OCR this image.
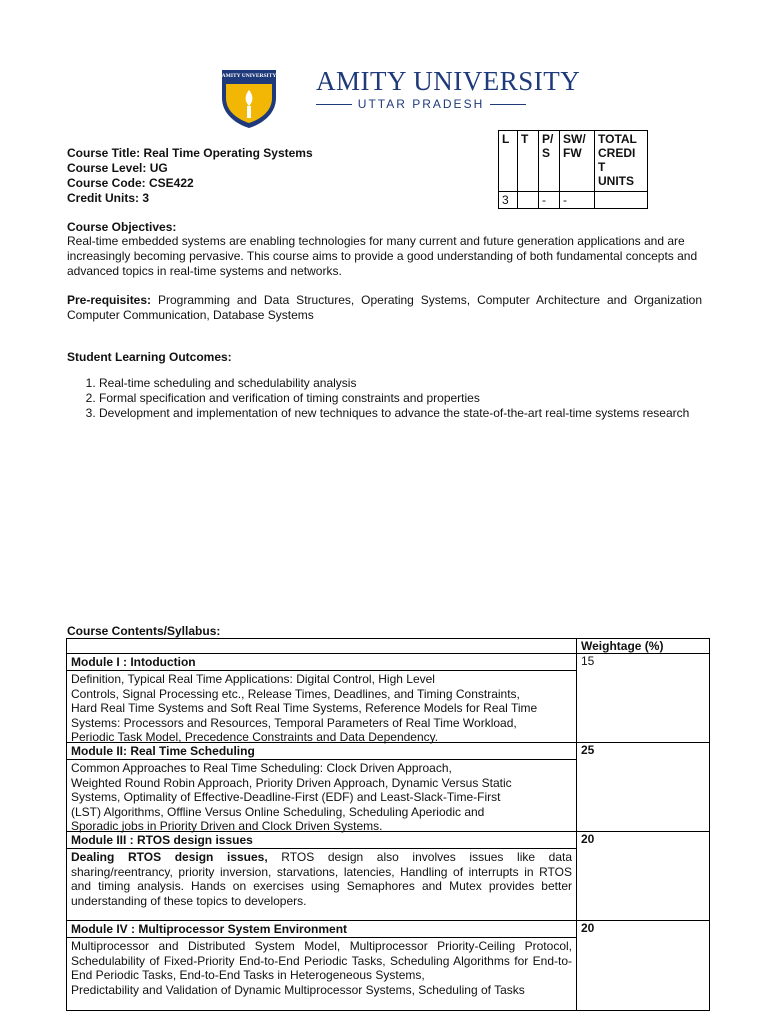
AMITY UNIVERSITY AMITY UNIVERSITY
UTTAR PRADESH
Course Title: Real Time Operating Systems
Course Level: UG
Course Code: CSE422
Credit Units: 3
L	T	P/ S	SW/ FW	TOTAL CREDI T UNITS
3		-	-	
Course Objectives:
Real-time embedded systems are enabling technologies for many current and future generation applications and are increasingly becoming pervasive. This course aims to provide a good understanding of both fundamental concepts and advanced topics in real-time systems and networks.
Pre-requisites: Programming and Data Structures, Operating Systems, Computer Architecture and Organization Computer Communication, Database Systems
Student Learning Outcomes:
1. Real-time scheduling and schedulability analysis
2. Formal specification and verification of timing constraints and properties
3. Development and implementation of new techniques to advance the state-of-the-art real-time systems research
Course Contents/Syllabus:
Weightage (%)
Module I : Intoduction
Definition, Typical Real Time Applications: Digital Control, High Level
Controls, Signal Processing etc., Release Times, Deadlines, and Timing Constraints,
Hard Real Time Systems and Soft Real Time Systems, Reference Models for Real Time
Systems: Processors and Resources, Temporal Parameters of Real Time Workload,
Periodic Task Model, Precedence Constraints and Data Dependency.
15
Module II: Real Time Scheduling
Common Approaches to Real Time Scheduling: Clock Driven Approach,
Weighted Round Robin Approach, Priority Driven Approach, Dynamic Versus Static
Systems, Optimality of Effective-Deadline-First (EDF) and Least-Slack-Time-First
(LST) Algorithms, Offline Versus Online Scheduling, Scheduling Aperiodic and
Sporadic jobs in Priority Driven and Clock Driven Systems.
25
Module III : RTOS design issues
Dealing RTOS design issues, RTOS design also involves issues like data sharing/reentrancy, priority inversion, starvations, latencies, Handling of interrupts in RTOS and timing analysis. Hands on exercises using Semaphores and Mutex provides better understanding of these topics to developers.
20
Module IV : Multiprocessor System Environment
Multiprocessor and Distributed System Model, Multiprocessor Priority-Ceiling Protocol, Schedulability of Fixed-Priority End-to-End Periodic Tasks, Scheduling Algorithms for End-to-End Periodic Tasks, End-to-End Tasks in Heterogeneous Systems,
Predictability and Validation of Dynamic Multiprocessor Systems, Scheduling of Tasks
20
